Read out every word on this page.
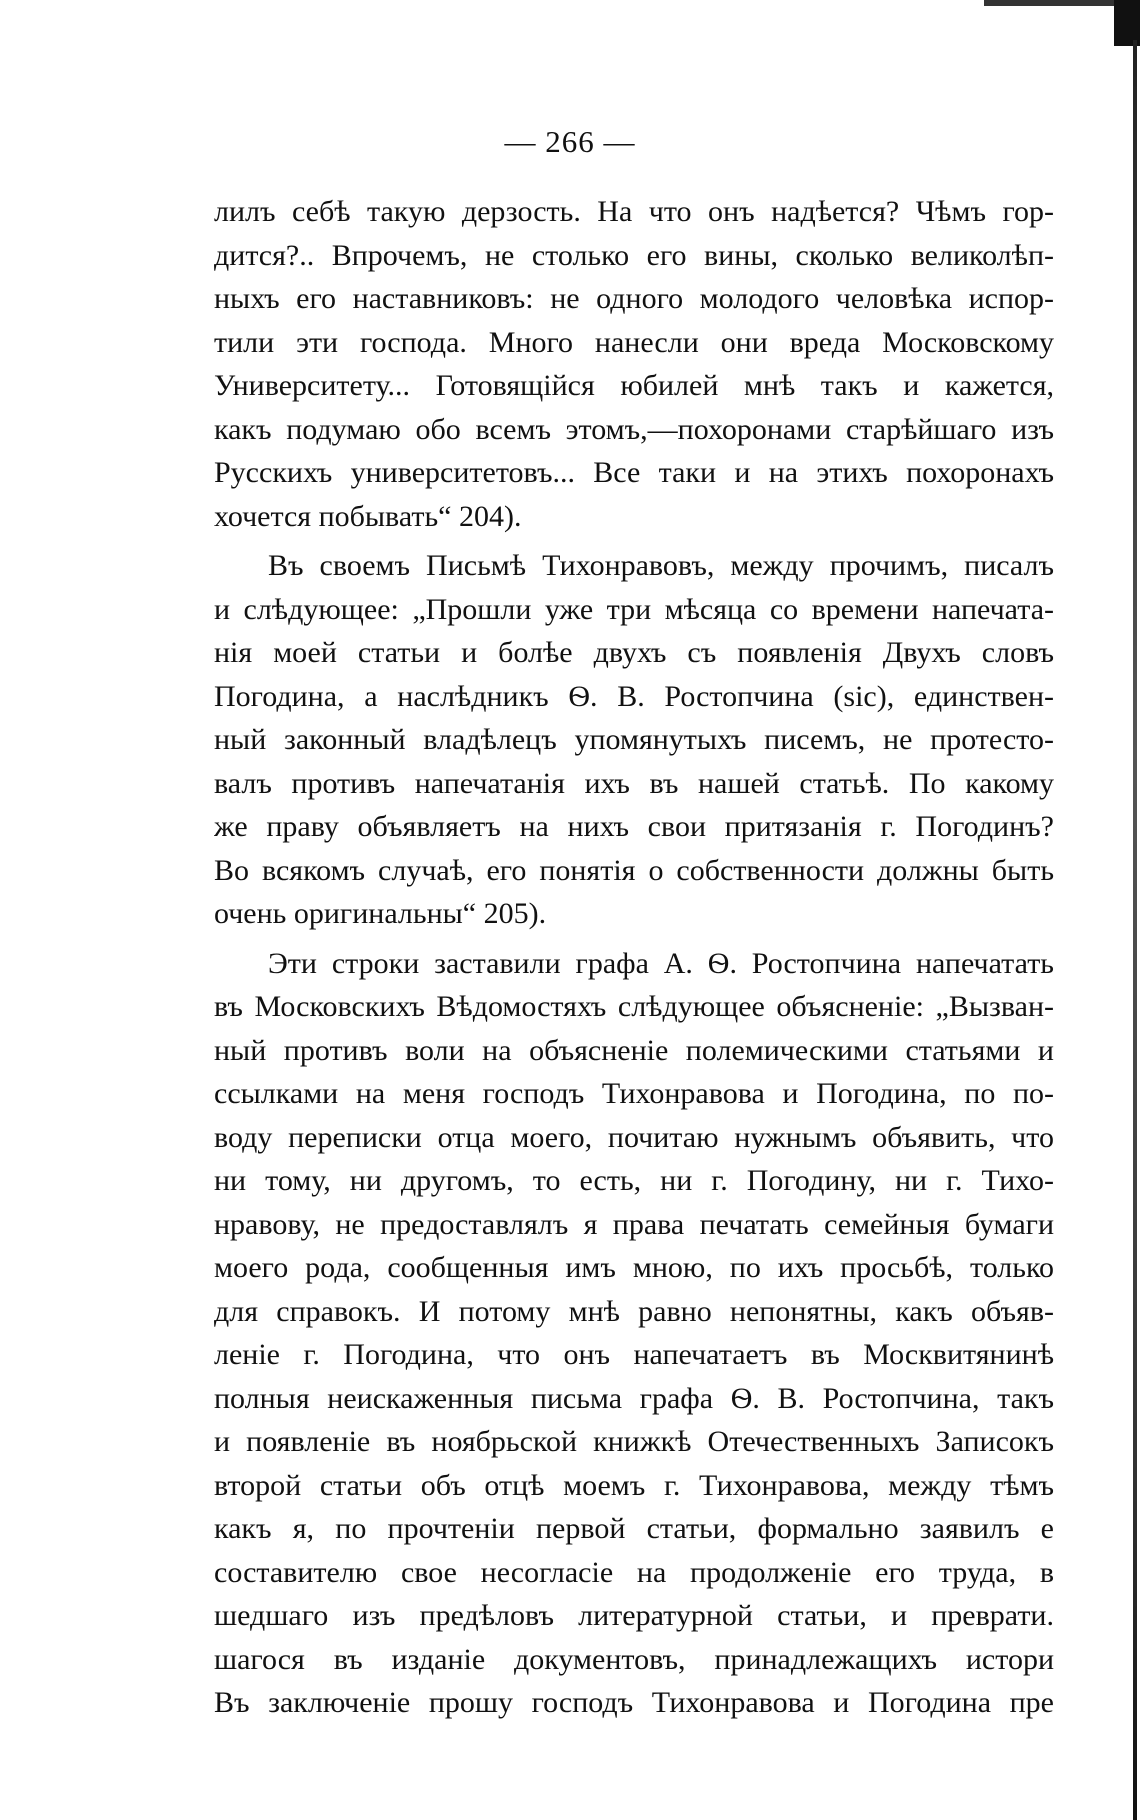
— 266 —
лилъ себѣ такую дерзость. На что онъ надѣется? Чѣмъ гор-
дится?.. Впрочемъ, не столько его вины, сколько великолѣп-
ныхъ его наставниковъ: не одного молодого человѣка испор-
тили эти господа. Много нанесли они вреда Московскому
Университету... Готовящійся юбилей мнѣ такъ и кажется,
какъ подумаю обо всемъ этомъ,—похоронами старѣйшаго изъ
Русскихъ университетовъ... Все таки и на этихъ похоронахъ
хочется побывать“ 204).
Въ своемъ Письмѣ Тихонравовъ, между прочимъ, писалъ
и слѣдующее: „Прошли уже три мѣсяца со времени напечата-
нія моей статьи и болѣе двухъ съ появленія Двухъ словъ
Погодина, а наслѣдникъ Ѳ. В. Ростопчина (sic), единствен-
ный законный владѣлецъ упомянутыхъ писемъ, не протесто-
валъ противъ напечатанія ихъ въ нашей статьѣ. По какому
же праву объявляетъ на нихъ свои притязанія г. Погодинъ?
Во всякомъ случаѣ, его понятія о собственности должны быть
очень оригинальны“ 205).
Эти строки заставили графа А. Ѳ. Ростопчина напечатать
въ Московскихъ Вѣдомостяхъ слѣдующее объясненіе: „Вызван-
ный противъ воли на объясненіе полемическими статьями и
ссылками на меня господъ Тихонравова и Погодина, по по-
воду переписки отца моего, почитаю нужнымъ объявить, что
ни тому, ни другомъ, то есть, ни г. Погодину, ни г. Тихо-
нравову, не предоставлялъ я права печатать семейныя бумаги
моего рода, сообщенныя имъ мною, по ихъ просьбѣ, только
для справокъ. И потому мнѣ равно непонятны, какъ объяв-
леніе г. Погодина, что онъ напечатаетъ въ Москвитянинѣ
полныя неискаженныя письма графа Ѳ. В. Ростопчина, такъ
и появленіе въ ноябрьской книжкѣ Отечественныхъ Записокъ
второй статьи объ отцѣ моемъ г. Тихонравова, между тѣмъ
какъ я, по прочтеніи первой статьи, формально заявилъ е
составителю свое несогласіе на продолженіе его труда, в
шедшаго изъ предѣловъ литературной статьи, и преврати.
шагося въ изданіе документовъ, принадлежащихъ истори
Въ заключеніе прошу господъ Тихонравова и Погодина пре
